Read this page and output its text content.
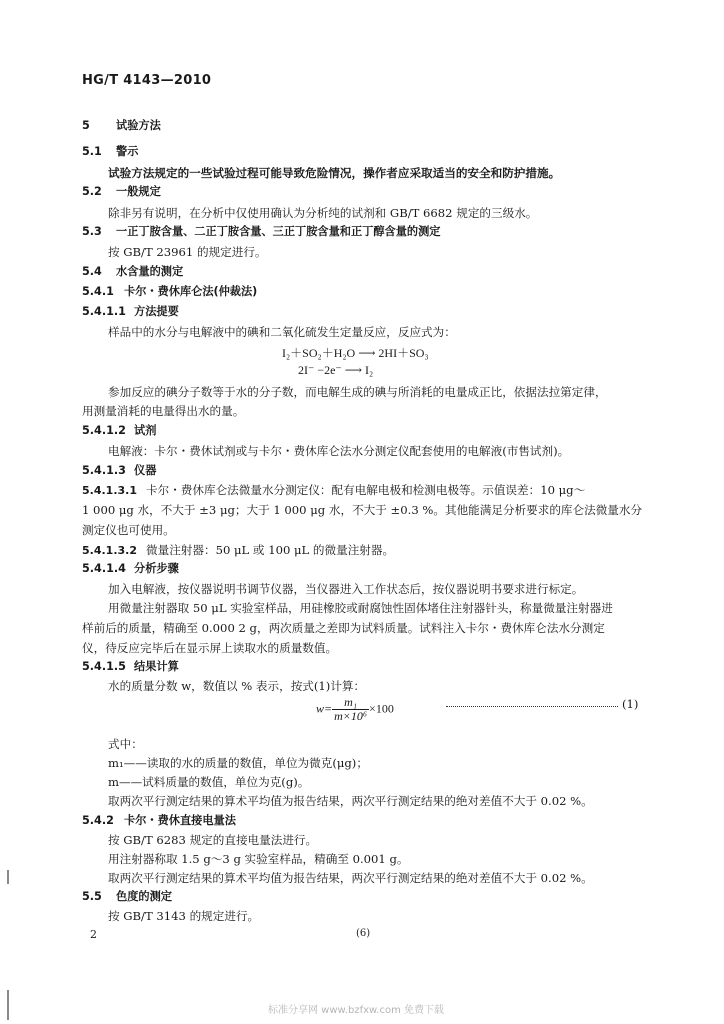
HG/T 4143—2010
5 试验方法
5.1 警示
试验方法规定的一些试验过程可能导致危险情况，操作者应采取适当的安全和防护措施。
5.2 一般规定
除非另有说明，在分析中仅使用确认为分析纯的试剂和 GB/T 6682 规定的三级水。
5.3 一正丁胺含量、二正丁胺含量、三正丁胺含量和正丁醇含量的测定
按 GB/T 23961 的规定进行。
5.4 水含量的测定
5.4.1 卡尔・费休库仑法(仲裁法)
5.4.1.1 方法提要
样品中的水分与电解液中的碘和二氧化硫发生定量反应，反应式为：
I₂＋SO₂＋H₂O ⟶ 2HI＋SO₃
2I⁻ −2e⁻ ⟶ I₂
参加反应的碘分子数等于水的分子数，而电解生成的碘与所消耗的电量成正比，依据法拉第定律，
用测量消耗的电量得出水的量。
5.4.1.2 试剂
电解液：卡尔・费休试剂或与卡尔・费休库仑法水分测定仪配套使用的电解液(市售试剂)。
5.4.1.3 仪器
5.4.1.3.1 卡尔・费休库仑法微量水分测定仪：配有电解电极和检测电极等。示值误差：10 μg～
1 000 μg 水，不大于 ±3 μg；大于 1 000 μg 水，不大于 ±0.3 %。其他能满足分析要求的库仑法微量水分
测定仪也可使用。
5.4.1.3.2 微量注射器：50 μL 或 100 μL 的微量注射器。
5.4.1.4 分析步骤
加入电解液，按仪器说明书调节仪器，当仪器进入工作状态后，按仪器说明书要求进行标定。
用微量注射器取 50 μL 实验室样品，用硅橡胶或耐腐蚀性固体堵住注射器针头，称量微量注射器进
样前后的质量，精确至 0.000 2 g，两次质量之差即为试料质量。试料注入卡尔・费休库仑法水分测定
仪，待反应完毕后在显示屏上读取水的质量数值。
5.4.1.5 结果计算
水的质量分数 w，数值以 % 表示，按式(1)计算：
$w= \frac{\text{m₁}}{\text{m×10⁶}} \times 100$	(1)
式中：
m₁——读取的水的质量的数值，单位为微克(μg)；
m——试料质量的数值，单位为克(g)。
取两次平行测定结果的算术平均值为报告结果，两次平行测定结果的绝对差值不大于 0.02 %。
5.4.2 卡尔・费休直接电量法
按 GB/T 6283 规定的直接电量法进行。
用注射器称取 1.5 g～3 g 实验室样品，精确至 0.001 g。
取两次平行测定结果的算术平均值为报告结果，两次平行测定结果的绝对差值不大于 0.02 %。
5.5 色度的测定
按 GB/T 3143 的规定进行。
2	(6)
标准分享网 www.bzfxw.com 免费下载
